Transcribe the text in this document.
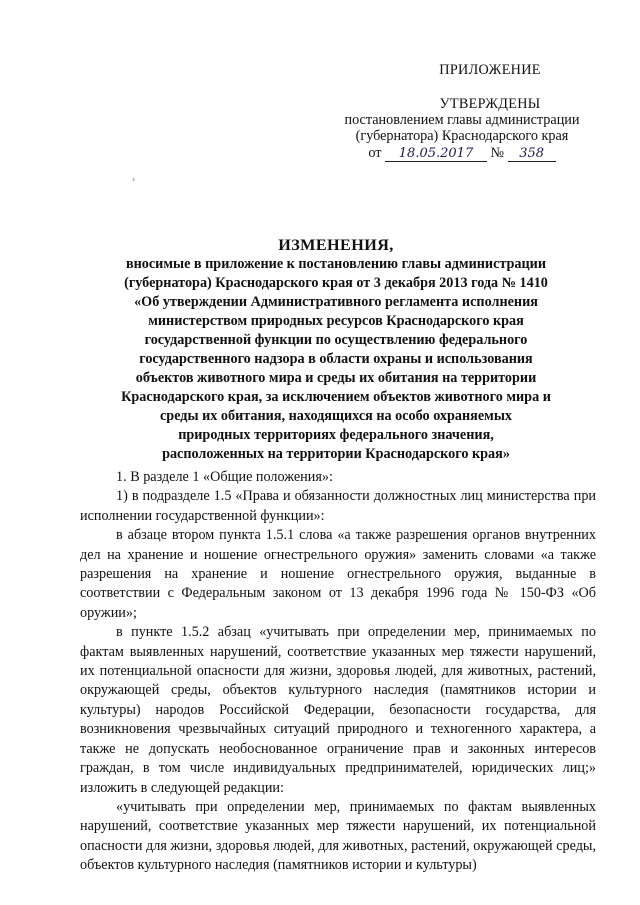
ПРИЛОЖЕНИЕ
УТВЕРЖДЕНЫ
постановлением главы администрации
(губернатора) Краснодарского края
от 18.05.2017 № 358
›
ИЗМЕНЕНИЯ,
вносимые в приложение к постановлению главы администрации
(губернатора) Краснодарского края от 3 декабря 2013 года № 1410
«Об утверждении Административного регламента исполнения
министерством природных ресурсов Краснодарского края
государственной функции по осуществлению федерального
государственного надзора в области охраны и использования
объектов животного мира и среды их обитания на территории
Краснодарского края, за исключением объектов животного мира и
среды их обитания, находящихся на особо охраняемых
природных территориях федерального значения,
расположенных на территории Краснодарского края»

1. В разделе 1 «Общие положения»:

1) в подразделе 1.5 «Права и обязанности должностных лиц министерства при исполнении государственной функции»:

в абзаце втором пункта 1.5.1 слова «а также разрешения органов внутренних дел на хранение и ношение огнестрельного оружия» заменить словами «а также разрешения на хранение и ношение огнестрельного оружия, выданные в соответствии с Федеральным законом от 13 декабря 1996 года № 150-ФЗ «Об оружии»;

в пункте 1.5.2 абзац «учитывать при определении мер, принимаемых по фактам выявленных нарушений, соответствие указанных мер тяжести нарушений, их потенциальной опасности для жизни, здоровья людей, для животных, растений, окружающей среды, объектов культурного наследия (памятников истории и культуры) народов Российской Федерации, безопасности государства, для возникновения чрезвычайных ситуаций природного и техногенного характера, а также не допускать необоснованное ограничение прав и законных интересов граждан, в том числе индивидуальных предпринимателей, юридических лиц;» изложить в следующей редакции:

«учитывать при определении мер, принимаемых по фактам выявленных нарушений, соответствие указанных мер тяжести нарушений, их потенциальной опасности для жизни, здоровья людей, для животных, растений, окружающей среды, объектов культурного наследия (памятников истории и культуры)
